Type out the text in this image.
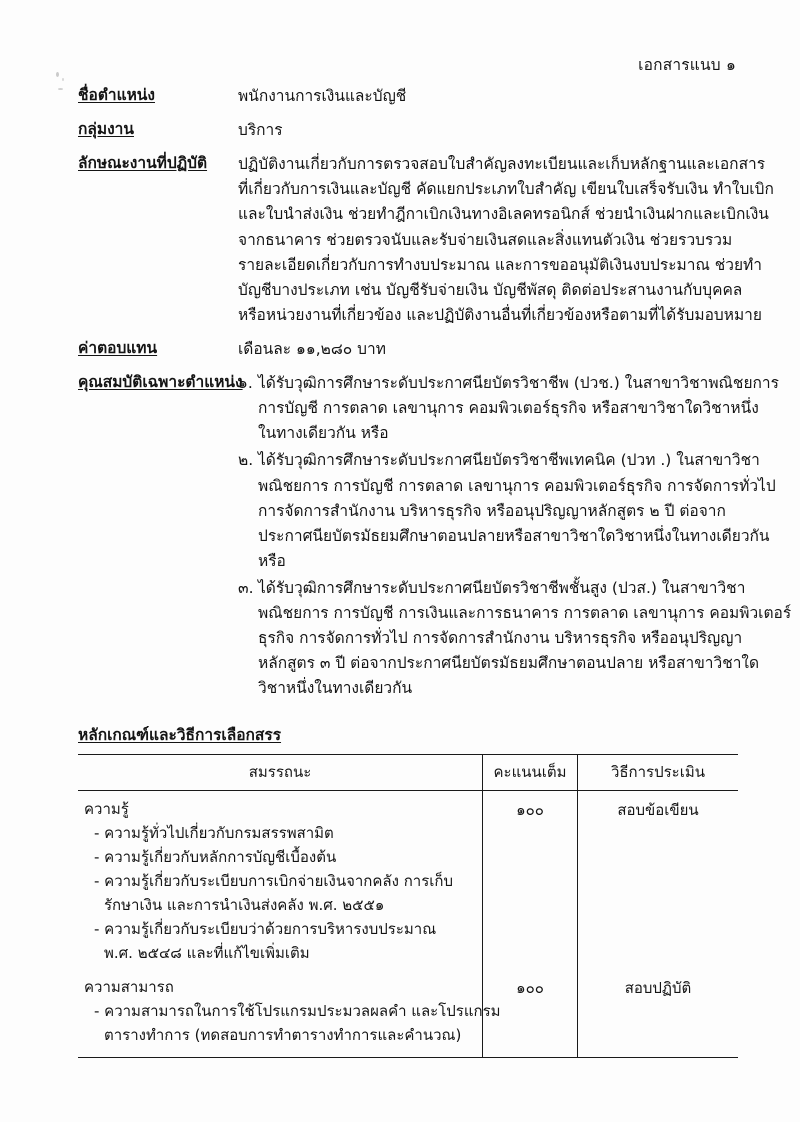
เอกสารแนบ ๑
ชื่อตำแหน่ง	พนักงานการเงินและบัญชี
กลุ่มงาน	บริการ
ลักษณะงานที่ปฏิบัติ	ปฏิบัติงานเกี่ยวกับการตรวจสอบใบสำคัญลงทะเบียนและเก็บหลักฐานและเอกสาร
ที่เกี่ยวกับการเงินและบัญชี คัดแยกประเภทใบสำคัญ เขียนใบเสร็จรับเงิน ทำใบเบิก
และใบนำส่งเงิน ช่วยทำฎีกาเบิกเงินทางอิเลคทรอนิกส์ ช่วยนำเงินฝากและเบิกเงิน
จากธนาคาร ช่วยตรวจนับและรับจ่ายเงินสดและสิ่งแทนตัวเงิน ช่วยรวบรวม
รายละเอียดเกี่ยวกับการทำงบประมาณ และการขออนุมัติเงินงบประมาณ ช่วยทำ
บัญชีบางประเภท เช่น บัญชีรับจ่ายเงิน บัญชีพัสดุ ติดต่อประสานงานกับบุคคล
หรือหน่วยงานที่เกี่ยวข้อง และปฏิบัติงานอื่นที่เกี่ยวข้องหรือตามที่ได้รับมอบหมาย
ค่าตอบแทน	เดือนละ ๑๑,๒๘๐ บาท
คุณสมบัติเฉพาะตำแหน่ง
๑. ได้รับวุฒิการศึกษาระดับประกาศนียบัตรวิชาชีพ (ปวช.) ในสาขาวิชาพณิชยการ
การบัญชี การตลาด เลขานุการ คอมพิวเตอร์ธุรกิจ หรือสาขาวิชาใดวิชาหนึ่ง
ในทางเดียวกัน หรือ
๒. ได้รับวุฒิการศึกษาระดับประกาศนียบัตรวิชาชีพเทคนิค (ปวท .) ในสาขาวิชา
พณิชยการ การบัญชี การตลาด เลขานุการ คอมพิวเตอร์ธุรกิจ การจัดการทั่วไป
การจัดการสำนักงาน บริหารธุรกิจ หรืออนุปริญญาหลักสูตร ๒ ปี ต่อจาก
ประกาศนียบัตรมัธยมศึกษาตอนปลายหรือสาขาวิชาใดวิชาหนึ่งในทางเดียวกัน
หรือ
๓. ได้รับวุฒิการศึกษาระดับประกาศนียบัตรวิชาชีพชั้นสูง (ปวส.) ในสาขาวิชา
พณิชยการ การบัญชี การเงินและการธนาคาร การตลาด เลขานุการ คอมพิวเตอร์
ธุรกิจ การจัดการทั่วไป การจัดการสำนักงาน บริหารธุรกิจ หรืออนุปริญญา
หลักสูตร ๓ ปี ต่อจากประกาศนียบัตรมัธยมศึกษาตอนปลาย หรือสาขาวิชาใด
วิชาหนึ่งในทางเดียวกัน
หลักเกณฑ์และวิธีการเลือกสรร
สมรรถนะ	คะแนนเต็ม	วิธีการประเมิน

ความรู้
- ความรู้ทั่วไปเกี่ยวกับกรมสรรพสามิต
- ความรู้เกี่ยวกับหลักการบัญชีเบื้องต้น
- ความรู้เกี่ยวกับระเบียบการเบิกจ่ายเงินจากคลัง การเก็บ
รักษาเงิน และการนำเงินส่งคลัง พ.ศ. ๒๕๕๑
- ความรู้เกี่ยวกับระเบียบว่าด้วยการบริหารงบประมาณ
พ.ศ. ๒๕๔๘ และที่แก้ไขเพิ่มเติม

๑๐๐	สอบข้อเขียน

ความสามารถ
- ความสามารถในการใช้โปรแกรมประมวลผลคำ และโปรแกรม
ตารางทำการ (ทดสอบการทำตารางทำการและคำนวณ)

๑๐๐	สอบปฏิบัติ
